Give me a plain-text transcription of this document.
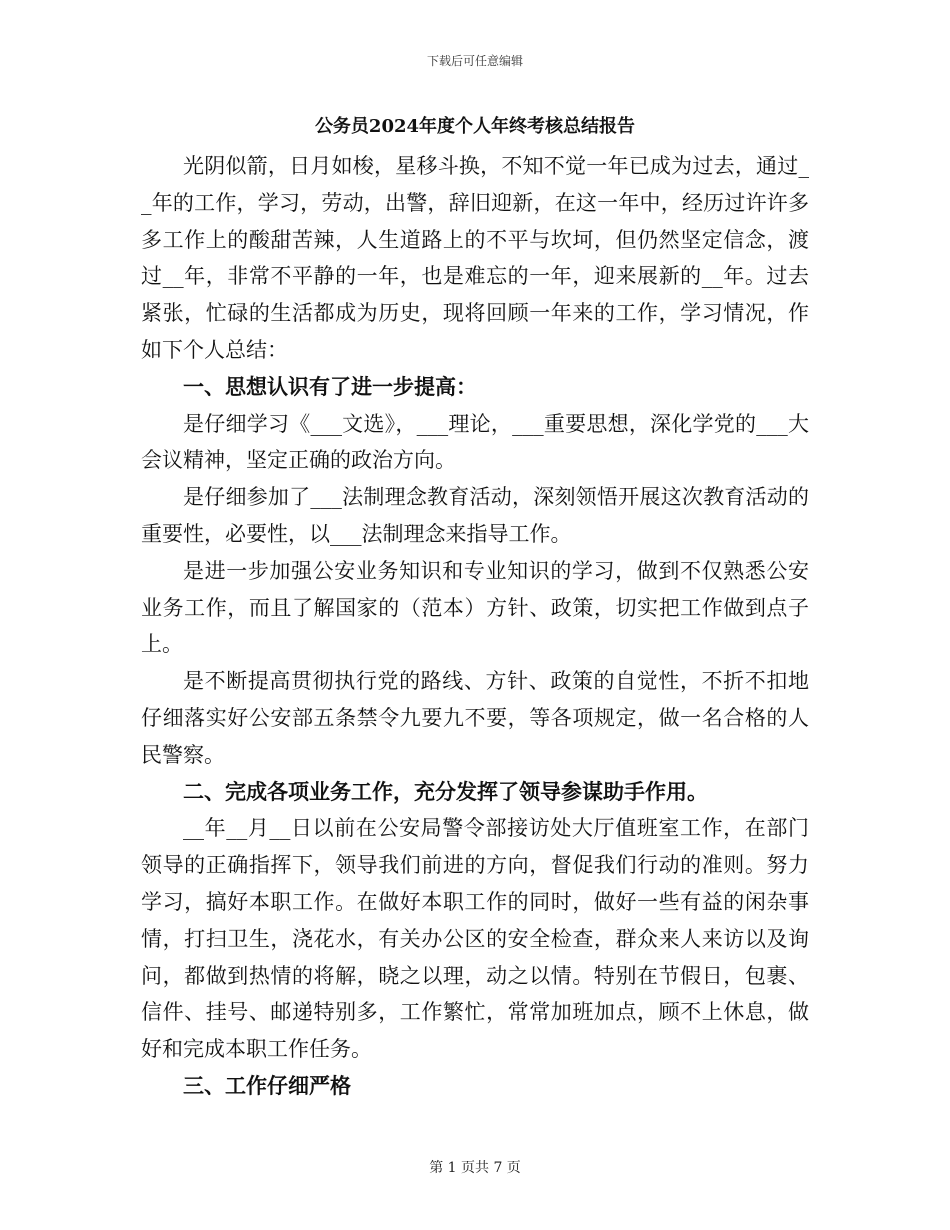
下载后可任意编辑
公务员2024年度个人年终考核总结报告

光阴似箭，日月如梭，星移斗换，不知不觉一年已成为过去，通过__年的工作，学习，劳动，出警，辞旧迎新，在这一年中，经历过许许多多工作上的酸甜苦辣，人生道路上的不平与坎坷，但仍然坚定信念，渡过__年，非常不平静的一年，也是难忘的一年，迎来展新的__年。过去紧张，忙碌的生活都成为历史，现将回顾一年来的工作，学习情况，作如下个人总结：

一、思想认识有了进一步提高：

是仔细学习《___文选》，___理论，___重要思想，深化学党的___大会议精神，坚定正确的政治方向。

是仔细参加了___法制理念教育活动，深刻领悟开展这次教育活动的重要性，必要性，以___法制理念来指导工作。

是进一步加强公安业务知识和专业知识的学习，做到不仅熟悉公安业务工作，而且了解国家的（范本）方针、政策，切实把工作做到点子上。

是不断提高贯彻执行党的路线、方针、政策的自觉性，不折不扣地仔细落实好公安部五条禁令九要九不要，等各项规定，做一名合格的人民警察。

二、完成各项业务工作，充分发挥了领导参谋助手作用。

__年__月__日以前在公安局警令部接访处大厅值班室工作，在部门领导的正确指挥下，领导我们前进的方向，督促我们行动的准则。努力学习，搞好本职工作。在做好本职工作的同时，做好一些有益的闲杂事情，打扫卫生，浇花水，有关办公区的安全检查，群众来人来访以及询问，都做到热情的将解，晓之以理，动之以情。特别在节假日，包裹、信件、挂号、邮递特别多，工作繁忙，常常加班加点，顾不上休息，做好和完成本职工作任务。

三、工作仔细严格

第 1 页共 7 页
